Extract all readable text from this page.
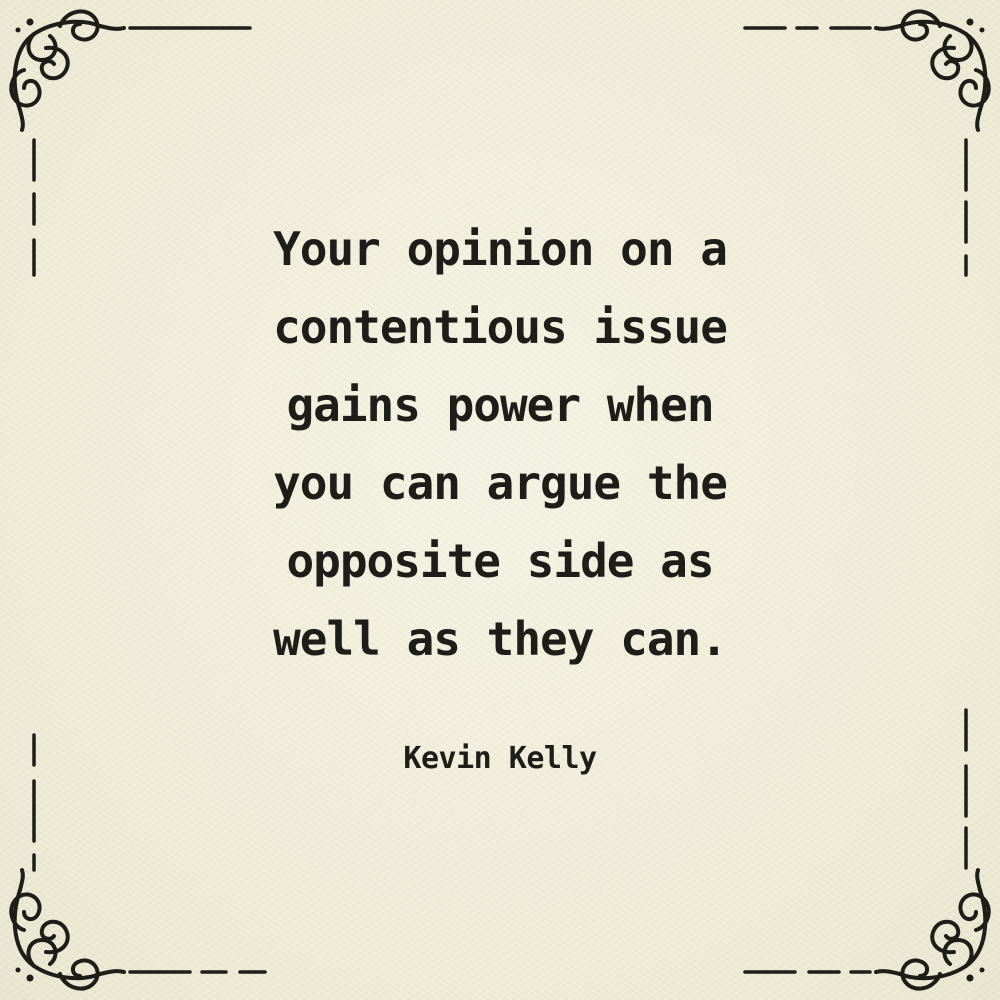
Your opinion on a
contentious issue
gains power when
you can argue the
opposite side as
well as they can.

Kevin Kelly
